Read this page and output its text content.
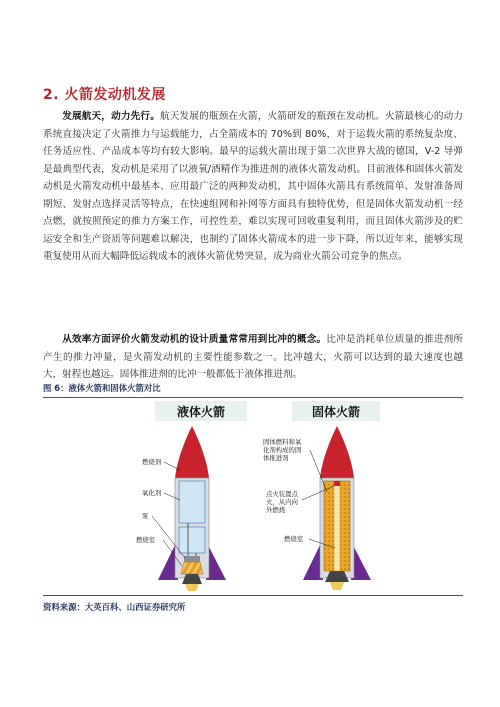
2. 火箭发动机发展

发展航天，动力先行。航天发展的瓶颈在火箭，火箭研发的瓶颈在发动机。火箭最核心的动力系统直接决定了火箭推力与运载能力，占全箭成本的 70%到 80%，对于运载火箭的系统复杂度、任务适应性、产品成本等均有较大影响。最早的运载火箭出现于第二次世界大战的德国，V-2 导弹是最典型代表，发动机是采用了以液氧/酒精作为推进剂的液体火箭发动机。目前液体和固体火箭发动机是火箭发动机中最基本、应用最广泛的两种发动机，其中固体火箭具有系统简单、发射准备周期短、发射点选择灵活等特点，在快速组网和补网等方面具有独特优势，但是固体火箭发动机一经点燃，就按照预定的推力方案工作，可控性差，难以实现可回收重复利用，而且固体火箭涉及的贮运安全和生产资质等问题难以解决，也制约了固体火箭成本的进一步下降，所以近年来，能够实现重复使用从而大幅降低运载成本的液体火箭优势突显，成为商业火箭公司竞争的焦点。

从效率方面评价火箭发动机的设计质量常常用到比冲的概念。比冲是消耗单位质量的推进剂所产生的推力冲量，是火箭发动机的主要性能参数之一。比冲越大，火箭可以达到的最大速度也越大，射程也越远。固体推进剂的比冲一般都低于液体推进剂。

图 6：液体火箭和固体火箭对比
液体火箭
燃烧剂
氧化剂
泵
燃烧室
固体火箭
固体燃料和氧
化剂构成的固
体推进剂
点火装置点
火，从内向
外燃烧
燃烧室
资料来源：大英百科、山西证券研究所
